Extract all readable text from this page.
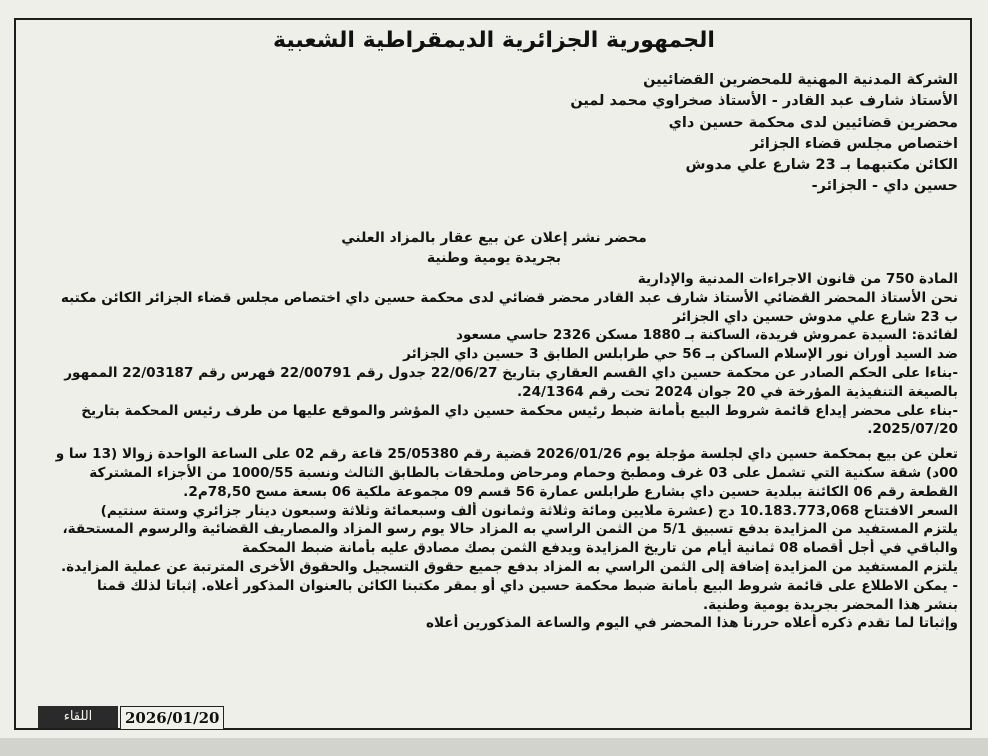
الجمهورية الجزائرية الديمقراطية الشعبية
الشركة المدنية المهنية للمحضرين القضائيين
الأستاذ شارف عبد القادر - الأستاذ صخراوي محمد لمين
محضرين قضائيين لدى محكمة حسين داي
اختصاص مجلس قضاء الجزائر
الكائن مكتبهما بـ 23 شارع علي مدوش
حسين داي - الجزائر-
محضر نشر إعلان عن بيع عقار بالمزاد العلني
بجريدة يومية وطنية
المادة 750 من قانون الاجراءات المدنية والإدارية
نحن الأستاذ المحضر القضائي الأستاذ شارف عبد القادر محضر قضائي لدى محكمة حسين داي اختصاص مجلس قضاء الجزائر الكائن مكتبه
ب 23 شارع علي مدوش حسين داي الجزائر
لفائدة: السيدة عمروش فريدة، الساكنة بـ 1880 مسكن 2326 حاسي مسعود
ضد السيد أوران نور الإسلام الساكن بـ 56 حي طرابلس الطابق 3 حسين داي الجزائر
-بناءا على الحكم الصادر عن محكمة حسين داي القسم العقاري بتاريخ 22/06/27 جدول رقم 22/00791 فهرس رقم 22/03187 الممهور
بالصيغة التنفيذية المؤرخة في 20 جوان 2024 تحت رقم 24/1364.
-بناء على محضر إيداع قائمة شروط البيع بأمانة ضبط رئيس محكمة حسين داي المؤشر والموقع عليها من طرف رئيس المحكمة بتاريخ
2025/07/20.
تعلن عن بيع بمحكمة حسين داي لجلسة مؤجلة يوم 2026/01/26 قضية رقم 25/05380 قاعة رقم 02 على الساعة الواحدة زوالا (13 سا و
00د) شقة سكنية التي تشمل على 03 غرف ومطبخ وحمام ومرحاض وملحقات بالطابق الثالث ونسبة 1000/55 من الأجزاء المشتركة
القطعة رقم 06 الكائنة ببلدية حسين داي بشارع طرابلس عمارة 56 قسم 09 مجموعة ملكية 06 بسعة مسح 78,50م2.
السعر الافتتاح 10.183.773,068 دج (عشرة ملايين ومائة وثلاثة وثمانون ألف وسبعمائة وثلاثة وسبعون دينار جزائري وستة سنتيم)
يلتزم المستفيد من المزايدة بدفع تسبيق 5/1 من الثمن الراسي به المزاد حالا يوم رسو المزاد والمصاريف القضائية والرسوم المستحقة،
والباقي في أجل أقصاه 08 ثمانية أيام من تاريخ المزايدة ويدفع الثمن بصك مصادق عليه بأمانة ضبط المحكمة
يلتزم المستفيد من المزايدة إضافة إلى الثمن الراسي به المزاد بدفع جميع حقوق التسجيل والحقوق الأخرى المترتبة عن عملية المزايدة.
- يمكن الاطلاع على قائمة شروط البيع بأمانة ضبط محكمة حسين داي أو بمقر مكتبنا الكائن بالعنوان المذكور أعلاه. إثباتا لذلك قمنا
بنشر هذا المحضر بجريدة يومية وطنية.
وإثباتا لما تقدم ذكره أعلاه حررنا هذا المحضر في اليوم والساعة المذكورين أعلاه
اللقاء	2026/01/20
